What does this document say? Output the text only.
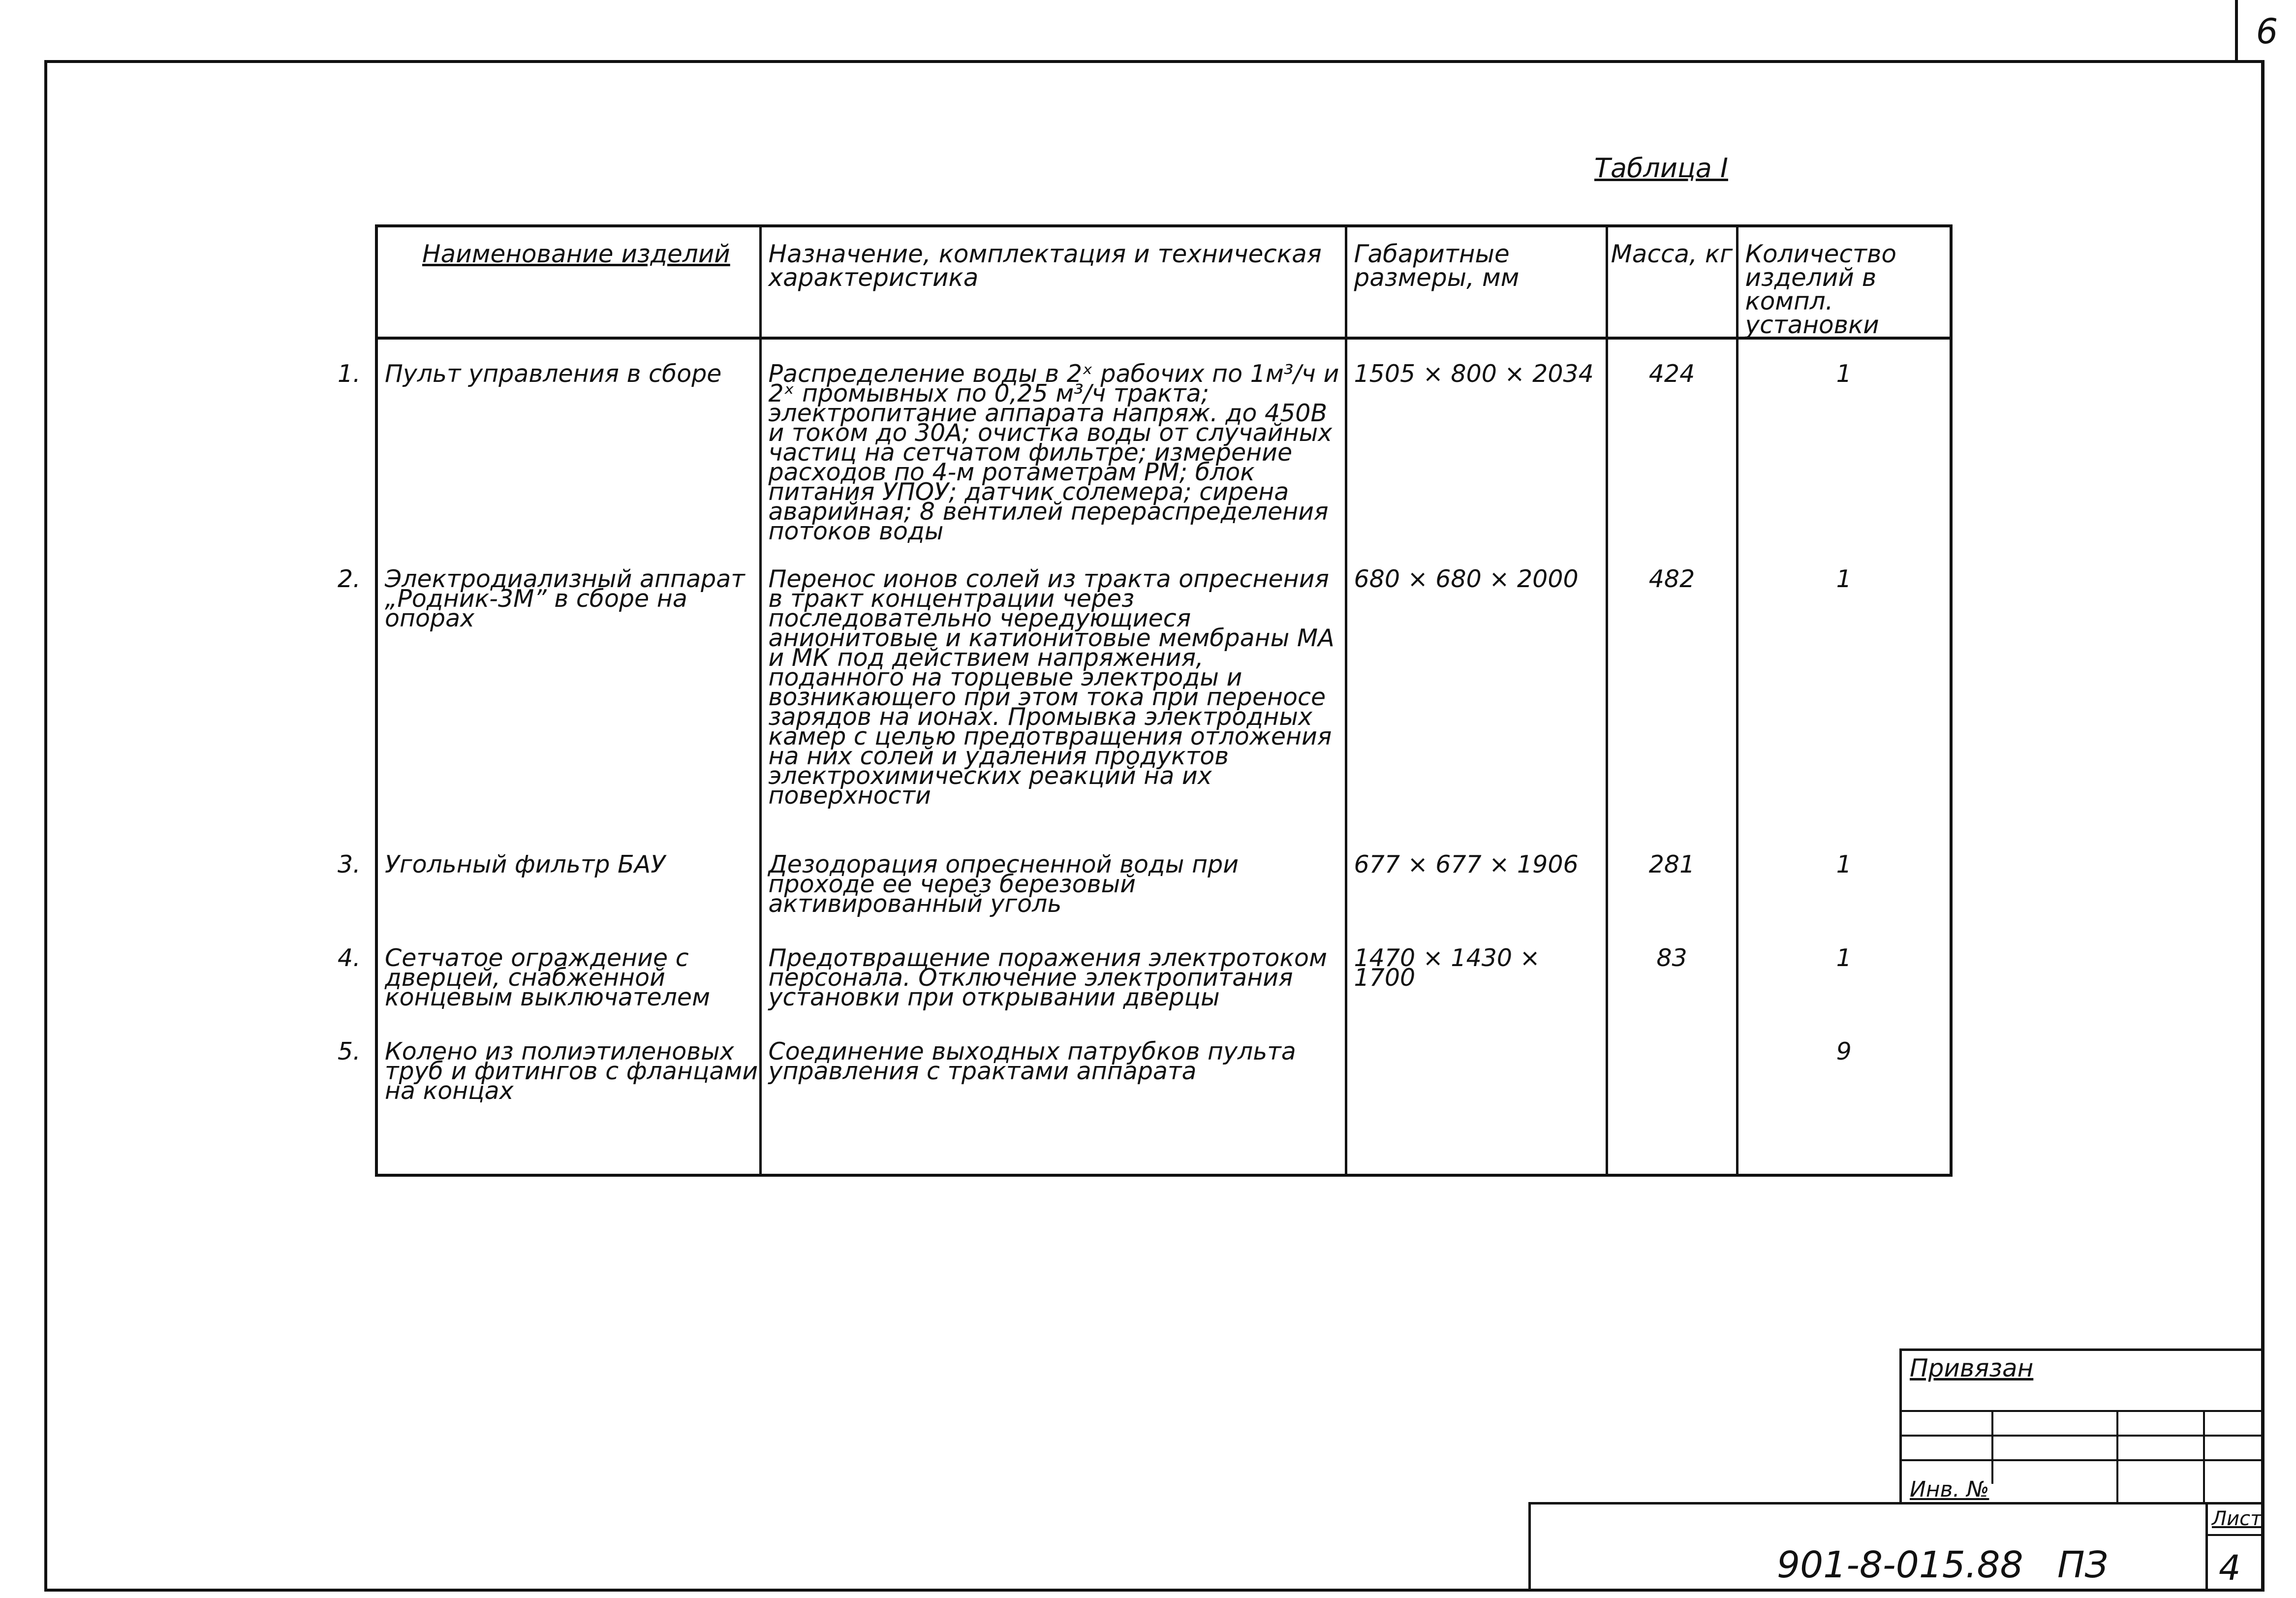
6
Таблица I
Наименование изделий	Назначение, комплектация и техническая характеристика	Габаритные размеры, мм	Масса, кг	Количество изделий в компл. установки
1. Пульт управления в сборе	Распределение воды в 2ˣ рабочих по 1м³/ч и 2ˣ промывных по 0,25 м³/ч тракта; электропитание аппарата напряж. до 450В и током до 30А; очистка воды от случайных частиц на сетчатом фильтре; измерение расходов по 4-м ротаметрам РМ; блок питания УПОУ; датчик солемера; сирена аварийная; 8 вентилей перераспределения потоков воды	1505 × 800 × 2034	424	1
2. Электродиализный аппарат „Родник-3М” в сборе на опорах	Перенос ионов солей из тракта опреснения в тракт концентрации через последовательно чередующиеся анионитовые и катионитовые мембраны МА и МК под действием напряжения, поданного на торцевые электроды и возникающего при этом тока при переносе зарядов на ионах. Промывка электродных камер с целью предотвращения отложения на них солей и удаления продуктов электрохимических реакций на их поверхности	680 × 680 × 2000	482	1
3. Угольный фильтр БАУ	Дезодорация опресненной воды при проходе ее через березовый активированный уголь	677 × 677 × 1906	281	1
4. Сетчатое ограждение с дверцей, снабженной концевым выключателем	Предотвращение поражения электротоком персонала. Отключение электропитания установки при открывании дверцы	1470 × 1430 × 1700	83	1
5. Колено из полиэтиленовых труб и фитингов с фланцами на концах	Соединение выходных патрубков пульта управления с трактами аппарата			9
Привязан
Инв. №
901-8-015.88 ПЗ
Лист
4
